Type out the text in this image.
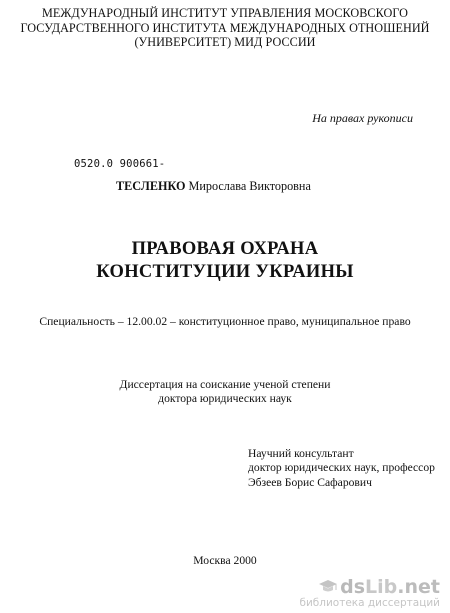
МЕЖДУНАРОДНЫЙ ИНСТИТУТ УПРАВЛЕНИЯ МОСКОВСКОГО
ГОСУДАРСТВЕННОГО ИНСТИТУТА МЕЖДУНАРОДНЫХ ОТНОШЕНИЙ
(УНИВЕРСИТЕТ) МИД РОССИИ
На правах рукописи
0520.0 900661-
ТЕСЛЕНКО Мирослава Викторовна
ПРАВОВАЯ ОХРАНА
КОНСТИТУЦИИ УКРАИНЫ
Специальность – 12.00.02 – конституционное право, муниципальное право
Диссертация на соискание ученой степени
доктора юридических наук
Научний консультант
доктор юридических наук, профессор
Эбзеев Борис Сафарович
Москва 2000
dsLib.net
библиотека диссертаций
